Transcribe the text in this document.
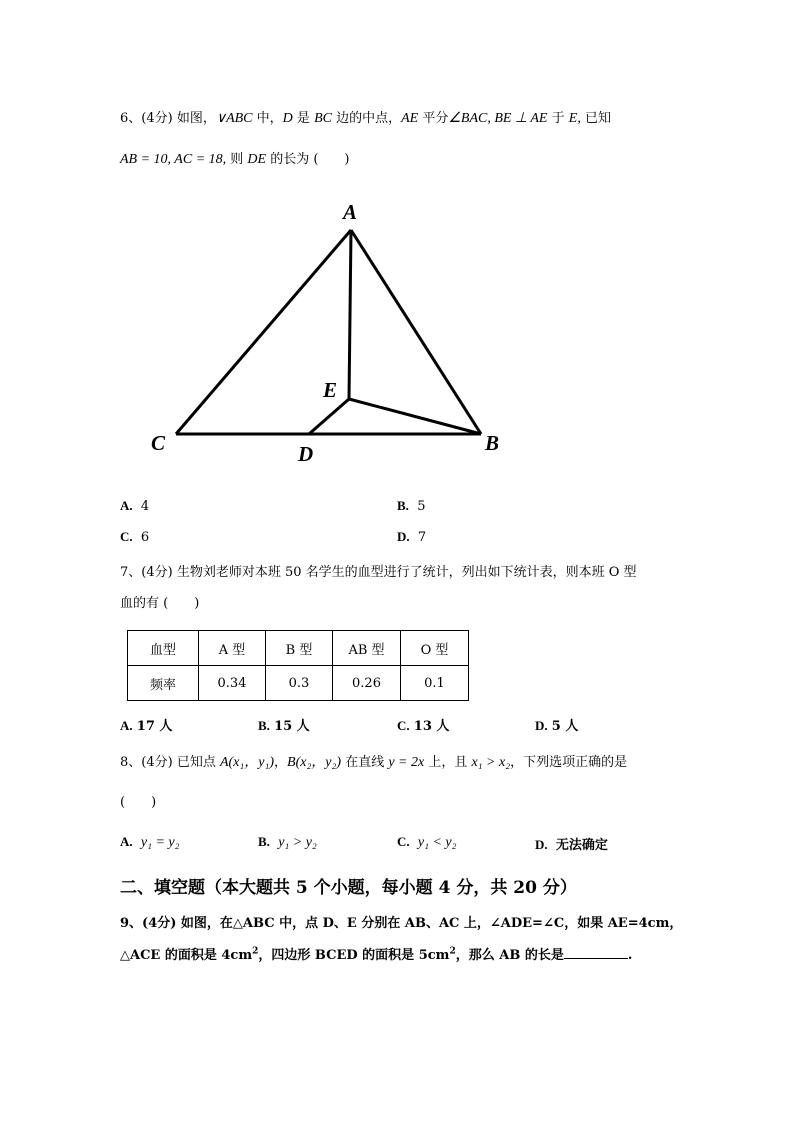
6、(4分) 如图，∨ABC 中，D 是 BC 边的中点，AE 平分∠BAC, BE ⊥ AE 于 E, 已知
AB = 10, AC = 18, 则 DE 的长为 (　　)
A
E
C	D	B
A. 4	B. 5
C. 6	D. 7
7、(4分) 生物刘老师对本班 50 名学生的血型进行了统计，列出如下统计表，则本班 O 型
血的有 (　　)
血型	A 型	B 型	AB 型	O 型
频率	0.34	0.3	0.26	0.1
A. 17 人	B. 15 人	C. 13 人	D. 5 人
8、(4分) 已知点 A(x₁，y₁)，B(x₂，y₂) 在直线 y = 2x 上，且 x₁ > x₂，下列选项正确的是
(　　)
A. y₁ = y₂	B. y₁ > y₂	C. y₁ < y₂	D. 无法确定
二、填空题（本大题共 5 个小题，每小题 4 分，共 20 分）
9、(4分) 如图，在△ABC 中，点 D、E 分别在 AB、AC 上，∠ADE=∠C，如果 AE=4cm，
△ACE 的面积是 $4cm^2$，四边形 BCED 的面积是 $5cm^2$，那么 AB 的长是	.
